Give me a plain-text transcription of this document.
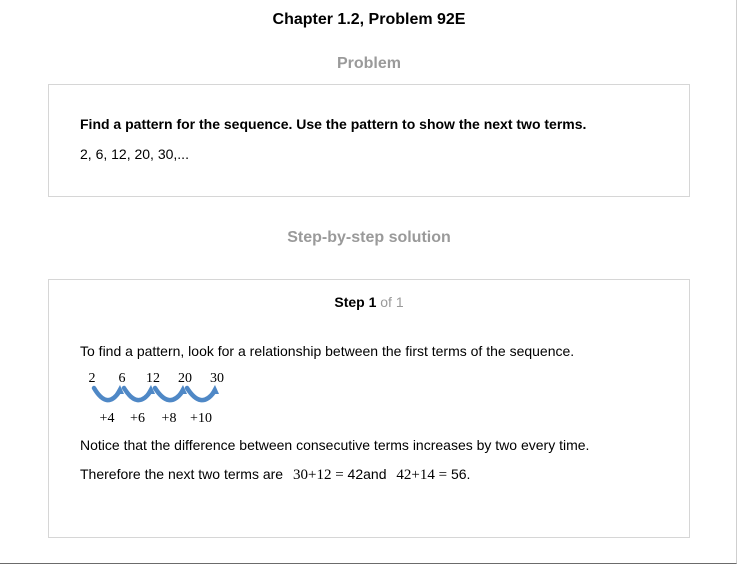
Chapter 1.2, Problem 92E
Problem
Find a pattern for the sequence. Use the pattern to show the next two terms.
2, 6, 12, 20, 30,...
Step-by-step solution
Step 1 of 1
To find a pattern, look for a relationship between the first terms of the sequence.
2 6 12 20 30
+4 +6 +8 +10
Notice that the difference between consecutive terms increases by two every time.
Therefore the next two terms are 30+12 = 42and 42+14 = 56.
